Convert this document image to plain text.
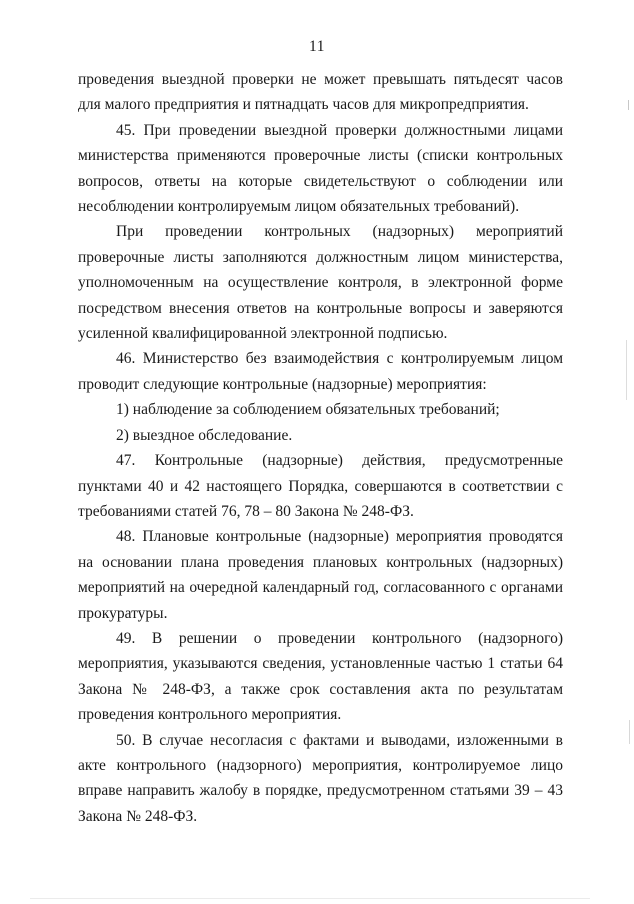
11

проведения выездной проверки не может превышать пятьдесят часов для малого предприятия и пятнадцать часов для микропредприятия.

45. При проведении выездной проверки должностными лицами министерства применяются проверочные листы (списки контрольных вопросов, ответы на которые свидетельствуют о соблюдении или несоблюдении контролируемым лицом обязательных требований).

При проведении контрольных (надзорных) мероприятий проверочные листы заполняются должностным лицом министерства, уполномоченным на осуществление контроля, в электронной форме посредством внесения ответов на контрольные вопросы и заверяются усиленной квалифицированной электронной подписью.

46. Министерство без взаимодействия с контролируемым лицом проводит следующие контрольные (надзорные) мероприятия:

1) наблюдение за соблюдением обязательных требований;

2) выездное обследование.

47. Контрольные (надзорные) действия, предусмотренные пунктами 40 и 42 настоящего Порядка, совершаются в соответствии с требованиями статей 76, 78 – 80 Закона № 248-ФЗ.

48. Плановые контрольные (надзорные) мероприятия проводятся на основании плана проведения плановых контрольных (надзорных) мероприятий на очередной календарный год, согласованного с органами прокуратуры.

49. В решении о проведении контрольного (надзорного) мероприятия, указываются сведения, установленные частью 1 статьи 64 Закона № 248-ФЗ, а также срок составления акта по результатам проведения контрольного мероприятия.

50. В случае несогласия с фактами и выводами, изложенными в акте контрольного (надзорного) мероприятия, контролируемое лицо вправе направить жалобу в порядке, предусмотренном статьями 39 – 43 Закона № 248-ФЗ.
